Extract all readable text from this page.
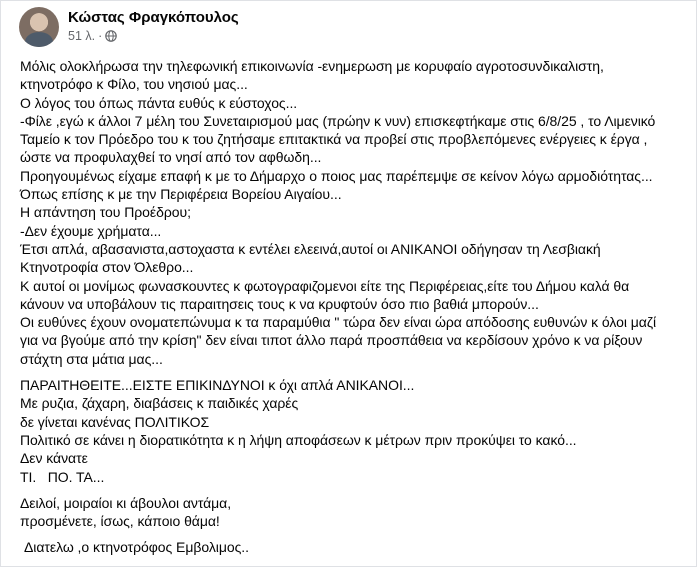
Κώστας Φραγκόπουλος
51 λ. ·
Μόλις ολοκλήρωσα την τηλεφωνική επικοινωνία -ενημερωση με κορυφαίο αγροτοσυνδικαλιστη,
κτηνοτρόφο κ Φίλο, του νησιού μας...
Ο λόγος του όπως πάντα ευθύς κ εύστοχος...
-Φίλε ,εγώ κ άλλοι 7 μέλη του Συνεταιρισμού μας (πρώην κ νυν) επισκεφτήκαμε στις 6/8/25 , το Λιμενικό
Ταμείο κ τον Πρόεδρο του κ του ζητήσαμε επιτακτικά να προβεί στις προβλεπόμενες ενέργειες κ έργα ,
ώστε να προφυλαχθεί το νησί από τον αφθωδη...
Προηγουμένως είχαμε επαφή κ με το Δήμαρχο ο ποιος μας παρέπεμψε σε κείνον λόγω αρμοδιότητας...
Όπως επίσης κ με την Περιφέρεια Βορείου Αιγαίου...
Η απάντηση του Προέδρου;
-Δεν έχουμε χρήματα...
Έτσι απλά, αβασανιστα,αστοχαστα κ εντέλει ελεεινά,αυτοί οι ΑΝΙΚΑΝΟΙ οδήγησαν τη Λεσβιακή
Κτηνοτροφία στον Όλεθρο...
Κ αυτοί οι μονίμως φωνασκουντες κ φωτογραφιζομενοι είτε της Περιφέρειας,είτε του Δήμου καλά θα
κάνουν να υποβάλουν τις παραιτησεις τους κ να κρυφτούν όσο πιο βαθιά μπορούν...
Οι ευθύνες έχουν ονοματεπώνυμα κ τα παραμύθια " τώρα δεν είναι ώρα απόδοσης ευθυνών κ όλοι μαζί
για να βγούμε από την κρίση" δεν είναι τιποτ άλλο παρά προσπάθεια να κερδίσουν χρόνο κ να ρίξουν
στάχτη στα μάτια μας...
ΠΑΡΑΙΤΗΘΕΙΤΕ...ΕΙΣΤΕ ΕΠΙΚΙΝΔΥΝΟΙ κ όχι απλά ΑΝΙΚΑΝΟΙ...
Με ρυζια, ζάχαρη, διαβάσεις κ παιδικές χαρές
δε γίνεται κανένας ΠΟΛΙΤΙΚΟΣ
Πολιτικό σε κάνει η διορατικότητα κ η λήψη αποφάσεων κ μέτρων πριν προκύψει το κακό...
Δεν κάνατε
ΤΙ.   ΠΟ. ΤΑ...
Δειλοί, μοιραίοι κι άβουλοι αντάμα,
προσμένετε, ίσως, κάποιο θάμα!
Διατελω ,ο κτηνοτρόφος Εμβολιμος..
